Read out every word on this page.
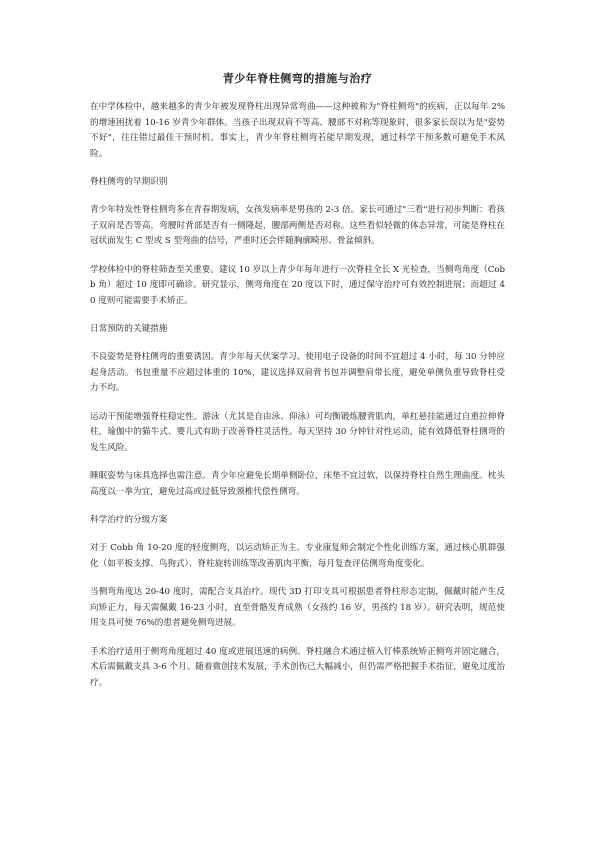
青少年脊柱侧弯的措施与治疗

在中学体检中，越来越多的青少年被发现脊柱出现异常弯曲——这种被称为"脊柱侧弯"的疾病，正以每年 2%的增速困扰着 10-16 岁青少年群体。当孩子出现双肩不等高、腰部不对称等现象时，很多家长误以为是"姿势不好"，往往错过最佳干预时机。事实上，青少年脊柱侧弯若能早期发现，通过科学干预多数可避免手术风险。

脊柱侧弯的早期识别

青少年特发性脊柱侧弯多在青春期发病，女孩发病率是男孩的 2-3 倍。家长可通过"三看"进行初步判断：看孩子双肩是否等高，弯腰时背部是否有一侧隆起，腰部两侧是否对称。这些看似轻微的体态异常，可能是脊柱在冠状面发生 C 型或 S 型弯曲的信号，严重时还会伴随胸廓畸形、骨盆倾斜。

学校体检中的脊柱筛查至关重要。建议 10 岁以上青少年每年进行一次脊柱全长 X 光检查，当侧弯角度（Cobb 角）超过 10 度即可确诊。研究显示，侧弯角度在 20 度以下时，通过保守治疗可有效控制进展；而超过 40 度则可能需要手术矫正。

日常预防的关键措施

不良姿势是脊柱侧弯的重要诱因。青少年每天伏案学习、使用电子设备的时间不宜超过 4 小时，每 30 分钟应起身活动。书包重量不应超过体重的 10%，建议选择双肩背书包并调整肩带长度，避免单侧负重导致脊柱受力不均。

运动干预能增强脊柱稳定性。游泳（尤其是自由泳、仰泳）可均衡锻炼腰背肌肉，单杠悬挂能通过自重拉伸脊柱，瑜伽中的猫牛式、婴儿式有助于改善脊柱灵活性。每天坚持 30 分钟针对性运动，能有效降低脊柱侧弯的发生风险。

睡眠姿势与床具选择也需注意。青少年应避免长期单侧卧位，床垫不宜过软，以保持脊柱自然生理曲度。枕头高度以一拳为宜，避免过高或过低导致颈椎代偿性侧弯。

科学治疗的分级方案

对于 Cobb 角 10-20 度的轻度侧弯，以运动矫正为主。专业康复师会制定个性化训练方案，通过核心肌群强化（如平板支撑、鸟狗式）、脊柱旋转训练等改善肌肉平衡，每月复查评估侧弯角度变化。

当侧弯角度达 20-40 度时，需配合支具治疗。现代 3D 打印支具可根据患者脊柱形态定制，佩戴时能产生反向矫正力，每天需佩戴 16-23 小时，直至骨骼发育成熟（女孩约 16 岁，男孩约 18 岁）。研究表明，规范使用支具可使 76%的患者避免侧弯进展。

手术治疗适用于侧弯角度超过 40 度或进展迅速的病例。脊柱融合术通过植入钉棒系统矫正侧弯并固定融合，术后需佩戴支具 3-6 个月。随着微创技术发展，手术创伤已大幅减小，但仍需严格把握手术指征，避免过度治疗。
